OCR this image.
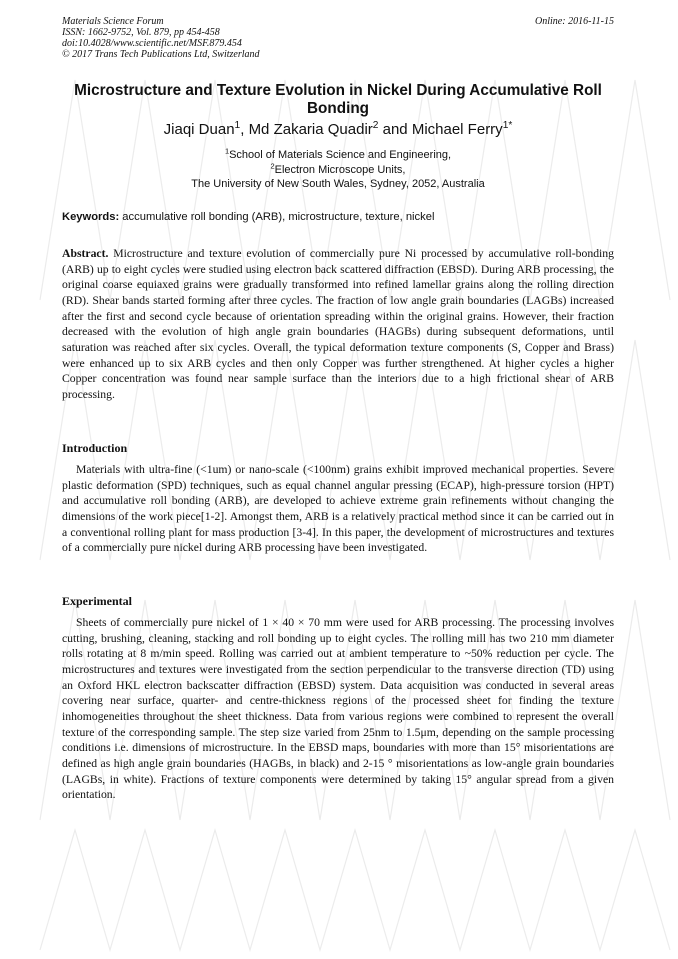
Materials Science Forum
ISSN: 1662-9752, Vol. 879, pp 454-458
doi:10.4028/www.scientific.net/MSF.879.454
© 2017 Trans Tech Publications Ltd, Switzerland
Online: 2016-11-15
Microstructure and Texture Evolution in Nickel During Accumulative Roll Bonding
Jiaqi Duan$^1$, Md Zakaria Quadir$^2$ and Michael Ferry$^{1*}$
$^1$School of Materials Science and Engineering,
$^2$Electron Microscope Units,
The University of New South Wales, Sydney, 2052, Australia
Keywords: accumulative roll bonding (ARB), microstructure, texture, nickel

Abstract. Microstructure and texture evolution of commercially pure Ni processed by accumulative roll-bonding (ARB) up to eight cycles were studied using electron back scattered diffraction (EBSD). During ARB processing, the original coarse equiaxed grains were gradually transformed into refined lamellar grains along the rolling direction (RD). Shear bands started forming after three cycles. The fraction of low angle grain boundaries (LAGBs) increased after the first and second cycle because of orientation spreading within the original grains. However, their fraction decreased with the evolution of high angle grain boundaries (HAGBs) during subsequent deformations, until saturation was reached after six cycles. Overall, the typical deformation texture components (S, Copper and Brass) were enhanced up to six ARB cycles and then only Copper was further strengthened. At higher cycles a higher Copper concentration was found near sample surface than the interiors due to a high frictional shear of ARB processing.

Introduction

Materials with ultra-fine (<1um) or nano-scale (<100nm) grains exhibit improved mechanical properties. Severe plastic deformation (SPD) techniques, such as equal channel angular pressing (ECAP), high-pressure torsion (HPT) and accumulative roll bonding (ARB), are developed to achieve extreme grain refinements without changing the dimensions of the work piece[1-2]. Amongst them, ARB is a relatively practical method since it can be carried out in a conventional rolling plant for mass production [3-4]. In this paper, the development of microstructures and textures of a commercially pure nickel during ARB processing have been investigated.

Experimental

Sheets of commercially pure nickel of 1 × 40 × 70 mm were used for ARB processing. The processing involves cutting, brushing, cleaning, stacking and roll bonding up to eight cycles. The rolling mill has two 210 mm diameter rolls rotating at 8 m/min speed. Rolling was carried out at ambient temperature to ~50% reduction per cycle. The microstructures and textures were investigated from the section perpendicular to the transverse direction (TD) using an Oxford HKL electron backscatter diffraction (EBSD) system. Data acquisition was conducted in several areas covering near surface, quarter- and centre-thickness regions of the processed sheet for finding the texture inhomogeneities throughout the sheet thickness. Data from various regions were combined to represent the overall texture of the corresponding sample. The step size varied from 25nm to 1.5μm, depending on the sample processing conditions i.e. dimensions of microstructure. In the EBSD maps, boundaries with more than 15° misorientations are defined as high angle grain boundaries (HAGBs, in black) and 2-15 ° misorientations as low-angle grain boundaries (LAGBs, in white). Fractions of texture components were determined by taking 15° angular spread from a given orientation.
